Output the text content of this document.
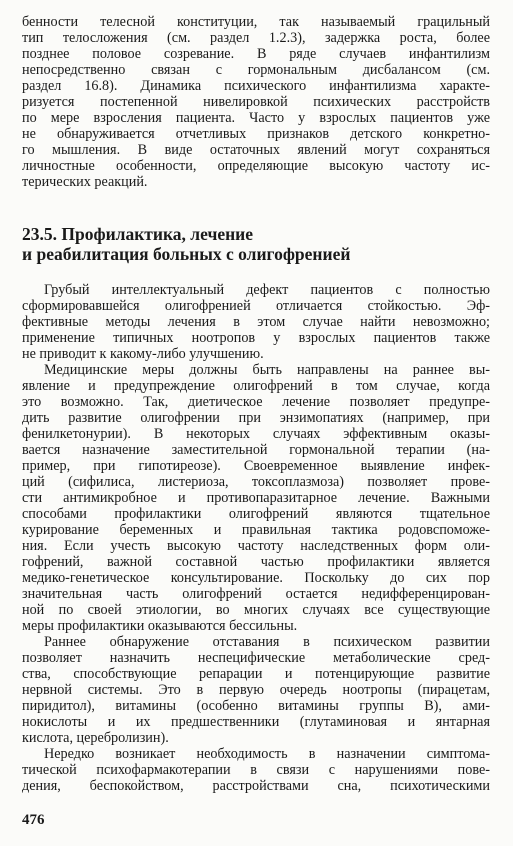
бенности телесной конституции, так называемый грацильный
тип телосложения (см. раздел 1.2.3), задержка роста, более
позднее половое созревание. В ряде случаев инфантилизм
непосредственно связан с гормональным дисбалансом (см.
раздел 16.8). Динамика психического инфантилизма характе-
ризуется постепенной нивелировкой психических расстройств
по мере взросления пациента. Часто у взрослых пациентов уже
не обнаруживается отчетливых признаков детского конкретно-
го мышления. В виде остаточных явлений могут сохраняться
личностные особенности, определяющие высокую частоту ис-
терических реакций.
23.5. Профилактика, лечение
и реабилитация больных с олигофренией
Грубый интеллектуальный дефект пациентов с полностью
сформировавшейся олигофренией отличается стойкостью. Эф-
фективные методы лечения в этом случае найти невозможно;
применение типичных ноотропов у взрослых пациентов также
не приводит к какому-либо улучшению.
Медицинские меры должны быть направлены на раннее вы-
явление и предупреждение олигофрений в том случае, когда
это возможно. Так, диетическое лечение позволяет предупре-
дить развитие олигофрении при энзимопатиях (например, при
фенилкетонурии). В некоторых случаях эффективным оказы-
вается назначение заместительной гормональной терапии (на-
пример, при гипотиреозе). Своевременное выявление инфек-
ций (сифилиса, листериоза, токсоплазмоза) позволяет прове-
сти антимикробное и противопаразитарное лечение. Важными
способами профилактики олигофрений являются тщательное
курирование беременных и правильная тактика родовспоможе-
ния. Если учесть высокую частоту наследственных форм оли-
гофрений, важной составной частью профилактики является
медико-генетическое консультирование. Поскольку до сих пор
значительная часть олигофрений остается недифференцирован-
ной по своей этиологии, во многих случаях все существующие
меры профилактики оказываются бессильны.
Раннее обнаружение отставания в психическом развитии
позволяет назначить неспецифические метаболические сред-
ства, способствующие репарации и потенцирующие развитие
нервной системы. Это в первую очередь ноотропы (пирацетам,
пиридитол), витамины (особенно витамины группы В), ами-
нокислоты и их предшественники (глутаминовая и янтарная
кислота, церебролизин).
Нередко возникает необходимость в назначении симптома-
тической психофармакотерапии в связи с нарушениями пове-
дения, беспокойством, расстройствами сна, психотическими
476
